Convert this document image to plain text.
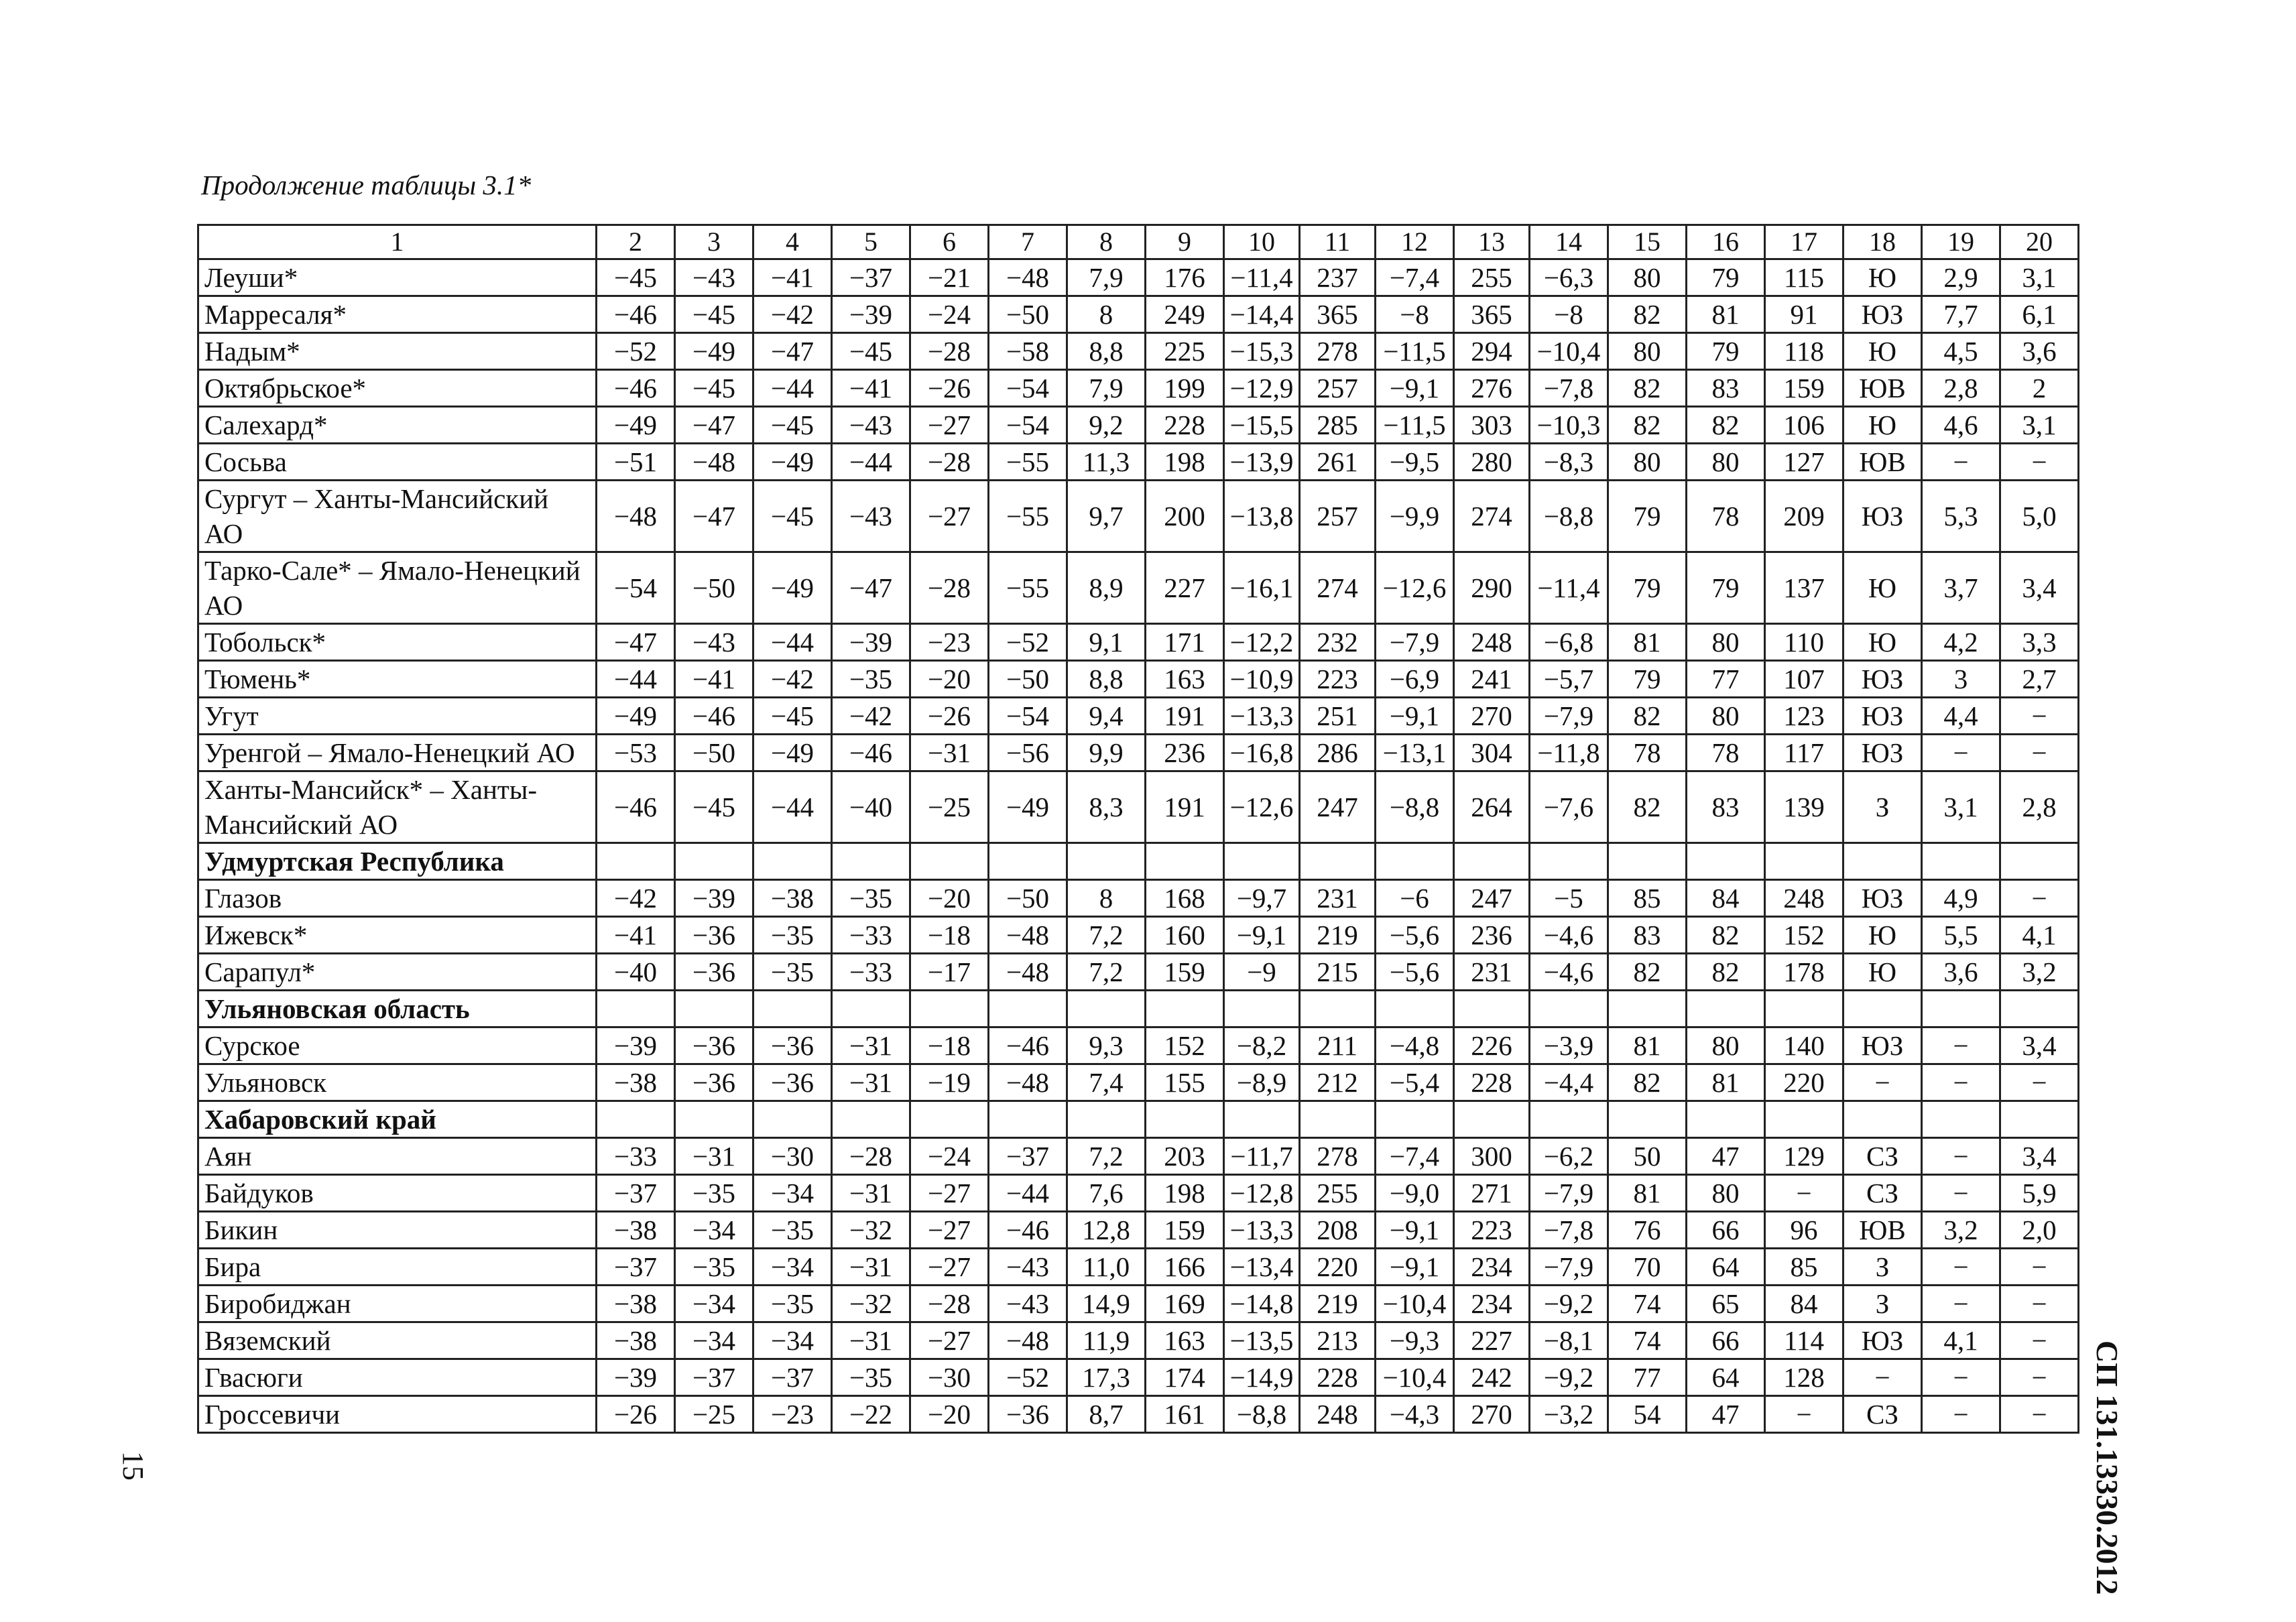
Продолжение таблицы 3.1*
1	2	3	4	5	6	7	8	9	10	11	12	13	14	15	16	17	18	19	20
Леуши*	−45	−43	−41	−37	−21	−48	7,9	176	−11,4	237	−7,4	255	−6,3	80	79	115	Ю	2,9	3,1
Марресаля*	−46	−45	−42	−39	−24	−50	8	249	−14,4	365	−8	365	−8	82	81	91	ЮЗ	7,7	6,1
Надым*	−52	−49	−47	−45	−28	−58	8,8	225	−15,3	278	−11,5	294	−10,4	80	79	118	Ю	4,5	3,6
Октябрьское*	−46	−45	−44	−41	−26	−54	7,9	199	−12,9	257	−9,1	276	−7,8	82	83	159	ЮВ	2,8	2
Салехард*	−49	−47	−45	−43	−27	−54	9,2	228	−15,5	285	−11,5	303	−10,3	82	82	106	Ю	4,6	3,1
Сосьва	−51	−48	−49	−44	−28	−55	11,3	198	−13,9	261	−9,5	280	−8,3	80	80	127	ЮВ	−	−
Сургут – Ханты-Мансийский АО	−48	−47	−45	−43	−27	−55	9,7	200	−13,8	257	−9,9	274	−8,8	79	78	209	ЮЗ	5,3	5,0
Тарко-Сале* – Ямало-Ненецкий АО	−54	−50	−49	−47	−28	−55	8,9	227	−16,1	274	−12,6	290	−11,4	79	79	137	Ю	3,7	3,4
Тобольск*	−47	−43	−44	−39	−23	−52	9,1	171	−12,2	232	−7,9	248	−6,8	81	80	110	Ю	4,2	3,3
Тюмень*	−44	−41	−42	−35	−20	−50	8,8	163	−10,9	223	−6,9	241	−5,7	79	77	107	ЮЗ	3	2,7
Угут	−49	−46	−45	−42	−26	−54	9,4	191	−13,3	251	−9,1	270	−7,9	82	80	123	ЮЗ	4,4	−
Уренгой – Ямало-Ненецкий АО	−53	−50	−49	−46	−31	−56	9,9	236	−16,8	286	−13,1	304	−11,8	78	78	117	ЮЗ	−	−
Ханты-Мансийск* – Ханты-Мансийский АО	−46	−45	−44	−40	−25	−49	8,3	191	−12,6	247	−8,8	264	−7,6	82	83	139	З	3,1	2,8
Удмуртская Республика																			
Глазов	−42	−39	−38	−35	−20	−50	8	168	−9,7	231	−6	247	−5	85	84	248	ЮЗ	4,9	−
Ижевск*	−41	−36	−35	−33	−18	−48	7,2	160	−9,1	219	−5,6	236	−4,6	83	82	152	Ю	5,5	4,1
Сарапул*	−40	−36	−35	−33	−17	−48	7,2	159	−9	215	−5,6	231	−4,6	82	82	178	Ю	3,6	3,2
Ульяновская область																			
Сурское	−39	−36	−36	−31	−18	−46	9,3	152	−8,2	211	−4,8	226	−3,9	81	80	140	ЮЗ	−	3,4
Ульяновск	−38	−36	−36	−31	−19	−48	7,4	155	−8,9	212	−5,4	228	−4,4	82	81	220	−	−	−
Хабаровский край																			
Аян	−33	−31	−30	−28	−24	−37	7,2	203	−11,7	278	−7,4	300	−6,2	50	47	129	СЗ	−	3,4
Байдуков	−37	−35	−34	−31	−27	−44	7,6	198	−12,8	255	−9,0	271	−7,9	81	80	−	СЗ	−	5,9
Бикин	−38	−34	−35	−32	−27	−46	12,8	159	−13,3	208	−9,1	223	−7,8	76	66	96	ЮВ	3,2	2,0
Бира	−37	−35	−34	−31	−27	−43	11,0	166	−13,4	220	−9,1	234	−7,9	70	64	85	З	−	−
Биробиджан	−38	−34	−35	−32	−28	−43	14,9	169	−14,8	219	−10,4	234	−9,2	74	65	84	З	−	−
Вяземский	−38	−34	−34	−31	−27	−48	11,9	163	−13,5	213	−9,3	227	−8,1	74	66	114	ЮЗ	4,1	−
Гвасюги	−39	−37	−37	−35	−30	−52	17,3	174	−14,9	228	−10,4	242	−9,2	77	64	128	−	−	−
Гроссевичи	−26	−25	−23	−22	−20	−36	8,7	161	−8,8	248	−4,3	270	−3,2	54	47	−	СЗ	−	− СП 131.13330.2012
15
